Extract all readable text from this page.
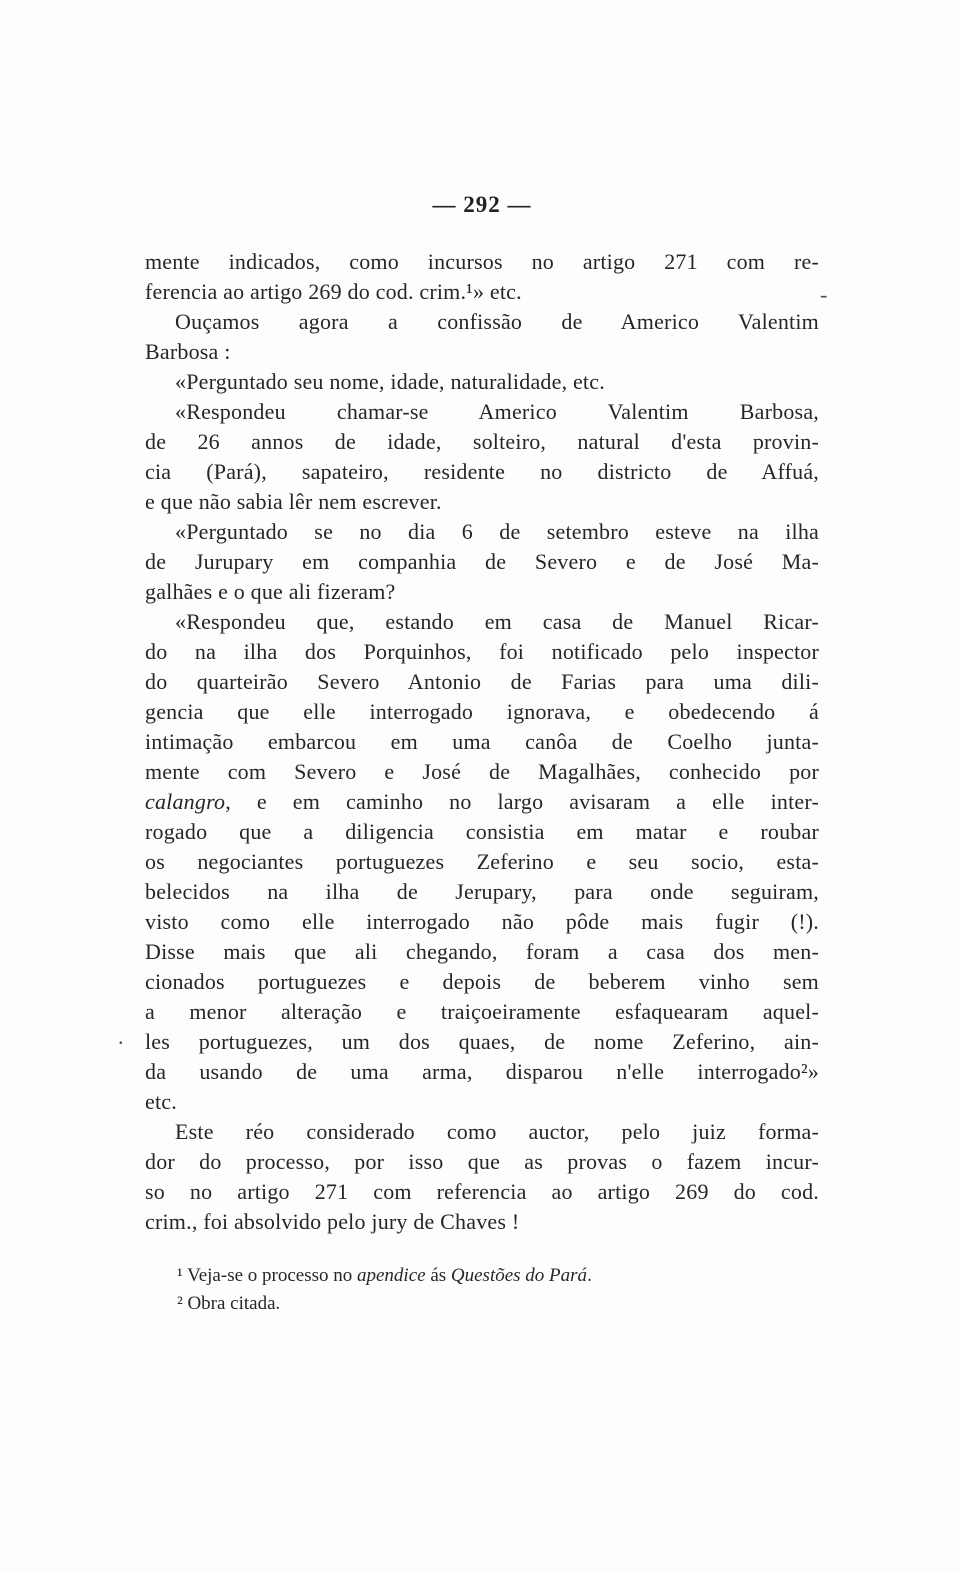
— 292 —
mente indicados, como incursos no artigo 271 com re-
ferencia ao artigo 269 do cod. crim.¹» etc.
Ouçamos agora a confissão de Americo Valentim
Barbosa :
«Perguntado seu nome, idade, naturalidade, etc.
«Respondeu chamar-se Americo Valentim Barbosa,
de 26 annos de idade, solteiro, natural d'esta provin-
cia (Pará), sapateiro, residente no districto de Affuá,
e que não sabia lêr nem escrever.
«Perguntado se no dia 6 de setembro esteve na ilha
de Jurupary em companhia de Severo e de José Ma-
galhães e o que ali fizeram?
«Respondeu que, estando em casa de Manuel Ricar-
do na ilha dos Porquinhos, foi notificado pelo inspector
do quarteirão Severo Antonio de Farias para uma dili-
gencia que elle interrogado ignorava, e obedecendo á
intimação embarcou em uma canôa de Coelho junta-
mente com Severo e José de Magalhães, conhecido por
calangro, e em caminho no largo avisaram a elle inter-
rogado que a diligencia consistia em matar e roubar
os negociantes portuguezes Zeferino e seu socio, esta-
belecidos na ilha de Jerupary, para onde seguiram,
visto como elle interrogado não pôde mais fugir (!).
Disse mais que ali chegando, foram a casa dos men-
cionados portuguezes e depois de beberem vinho sem
a menor alteração e traiçoeiramente esfaquearam aquel-
les portuguezes, um dos quaes, de nome Zeferino, ain-
da usando de uma arma, disparou n'elle interrogado²»
etc.
Este réo considerado como auctor, pelo juiz forma-
dor do processo, por isso que as provas o fazem incur-
so no artigo 271 com referencia ao artigo 269 do cod.
crim., foi absolvido pelo jury de Chaves !
¹ Veja-se o processo no apendice ás Questões do Pará.
² Obra citada.
-
.
